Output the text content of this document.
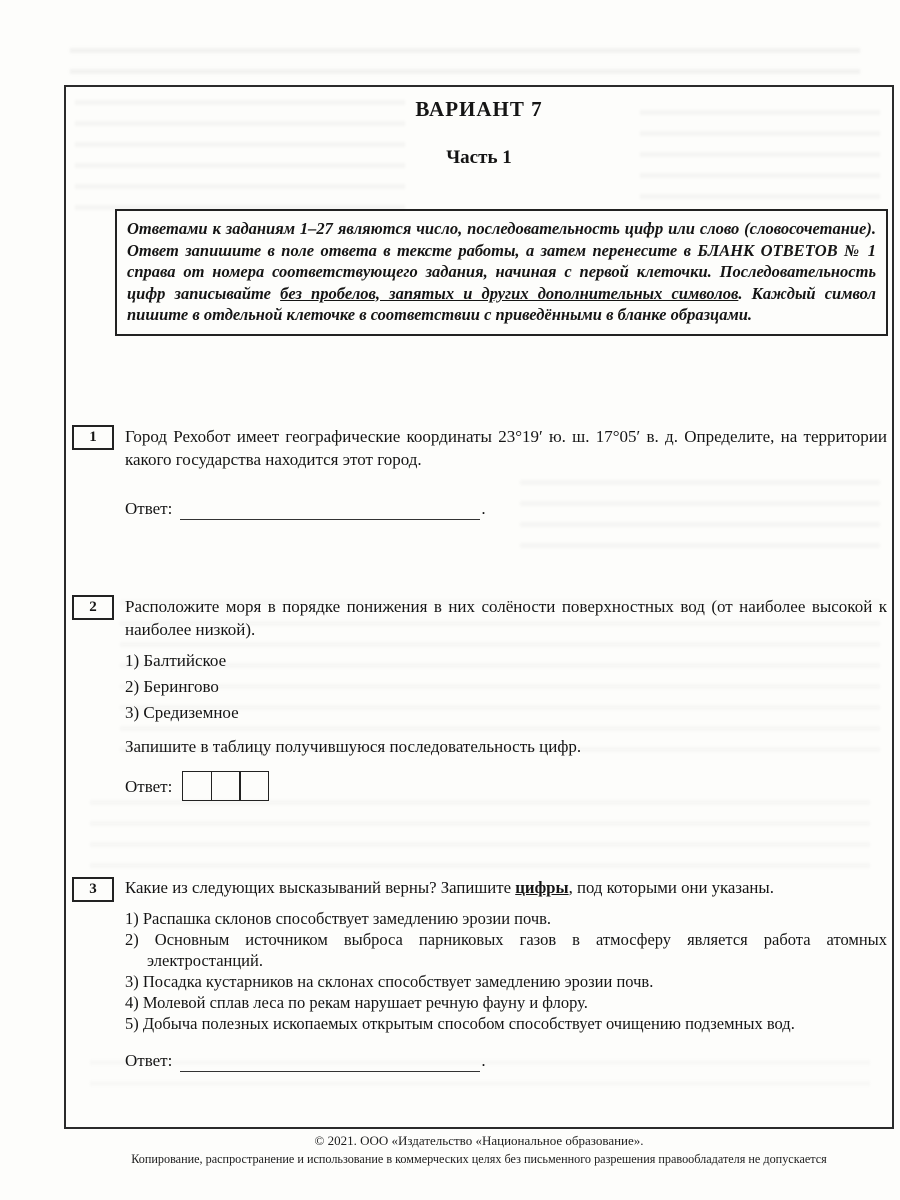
ВАРИАНТ 7
Часть 1

Ответами к заданиям 1–27 являются число, последовательность цифр или слово (словосочетание). Ответ запишите в поле ответа в тексте работы, а затем перенесите в БЛАНК ОТВЕТОВ № 1 справа от номера соответствующего задания, начиная с первой клеточки. Последовательность цифр записывайте без пробелов, запятых и других дополнительных символов. Каждый символ пишите в отдельной клеточке в соответствии с приведёнными в бланке образцами.

1 Город Рехобот имеет географические координаты 23°19′ ю. ш. 17°05′ в. д. Определите, на территории какого государства находится этот город.

Ответ:	.
2 Расположите моря в порядке понижения в них солёности поверхностных вод (от наиболее высокой к наиболее низкой).

1) Балтийское
2) Берингово
3) Средиземное

Запишите в таблицу получившуюся последовательность цифр.

Ответ:
3 Какие из следующих высказываний верны? Запишите цифры, под которыми они указаны.

1) Распашка склонов способствует замедлению эрозии почв.
2) Основным источником выброса парниковых газов в атмосферу является работа атомных электростанций.
3) Посадка кустарников на склонах способствует замедлению эрозии почв.
4) Молевой сплав леса по рекам нарушает речную фауну и флору.
5) Добыча полезных ископаемых открытым способом способствует очищению подземных вод.
Ответ:	.
© 2021. ООО «Издательство «Национальное образование».
Копирование, распространение и использование в коммерческих целях без письменного разрешения правообладателя не допускается
